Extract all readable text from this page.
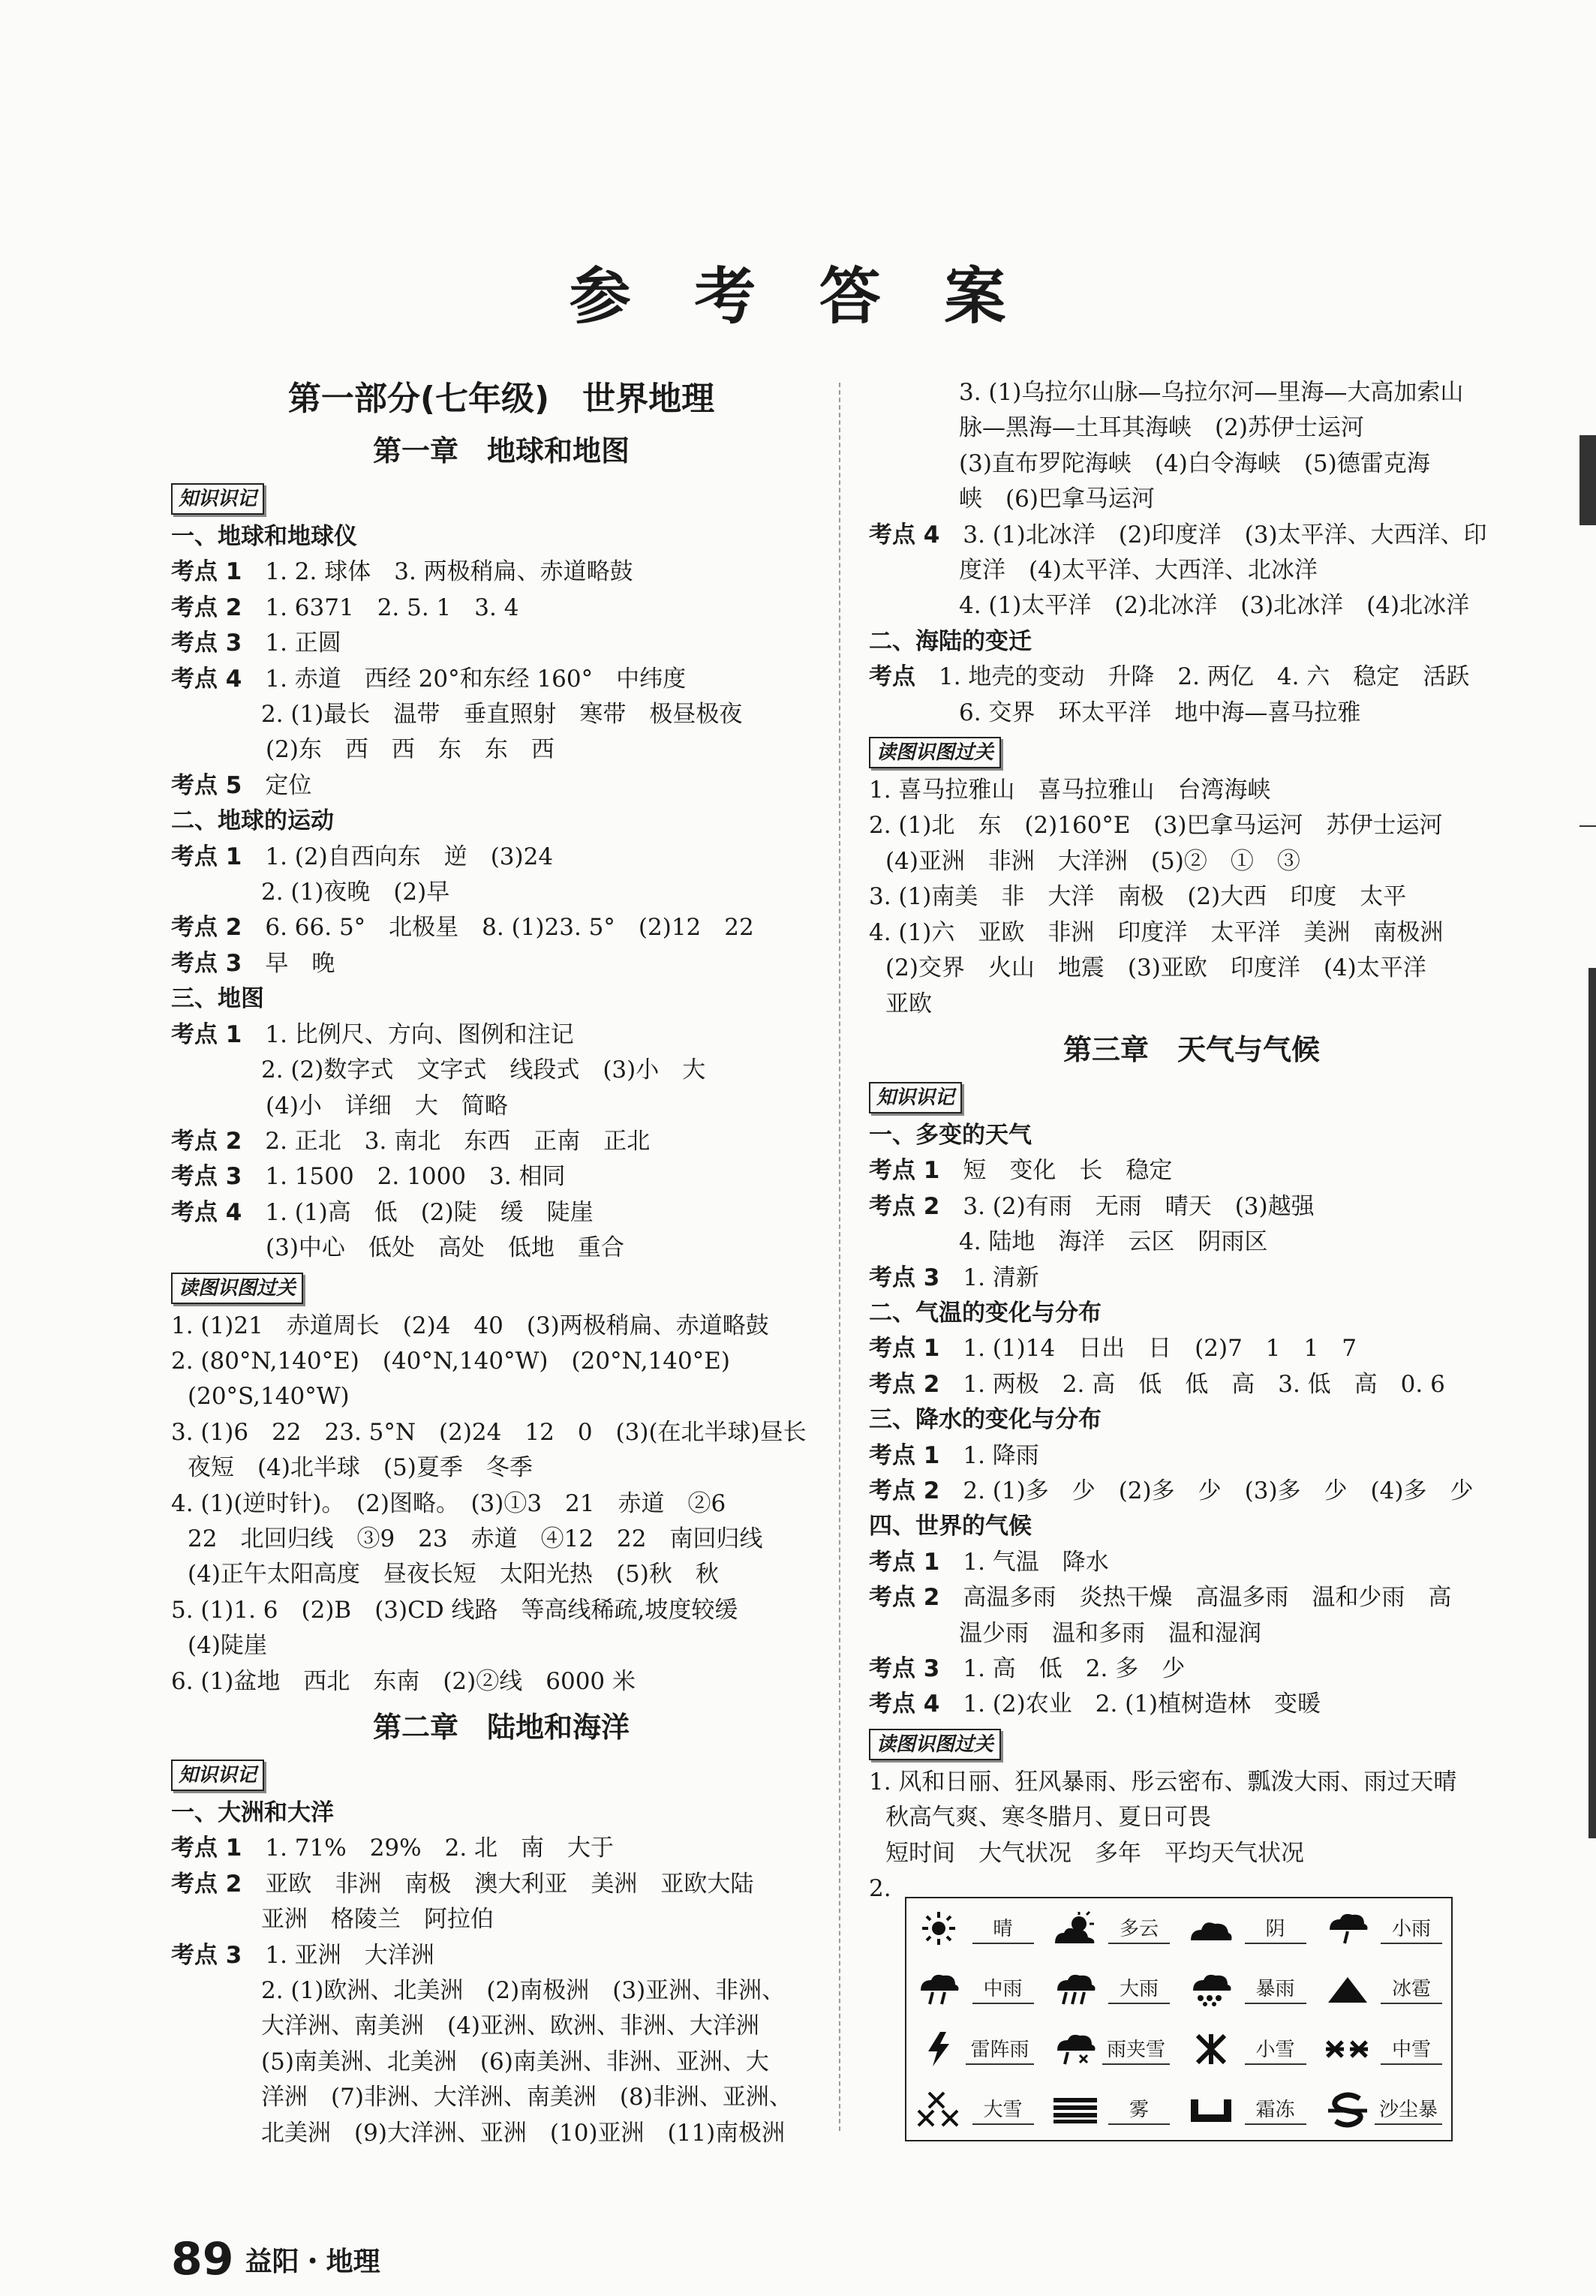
参 考 答 案
第一部分(七年级)　世界地理
第一章　地球和地图
知识识记
一、地球和地球仪
考点 1　 1. 2. 球体　3. 两极稍扁、赤道略鼓
考点 2　 1. 6371　2. 5. 1　3. 4
考点 3　 1. 正圆
考点 4　 1. 赤道　西经 20°和东经 160°　中纬度
2. (1)最长　温带　垂直照射　寒带　极昼极夜
(2)东　西　西　东　东　西
考点 5　 定位
二、地球的运动
考点 1　 1. (2)自西向东　逆　(3)24
2. (1)夜晚　(2)早
考点 2　 6. 66. 5°　北极星　8. (1)23. 5°　(2)12　22
考点 3　 早　晚
三、地图
考点 1　 1. 比例尺、方向、图例和注记
2. (2)数字式　文字式　线段式　(3)小　大
(4)小　详细　大　简略
考点 2　 2. 正北　3. 南北　东西　正南　正北
考点 3　 1. 1500　2. 1000　3. 相同
考点 4　 1. (1)高　低　(2)陡　缓　陡崖
(3)中心　低处　高处　低地　重合
读图识图过关
1. (1)21　赤道周长　(2)4　40　(3)两极稍扁、赤道略鼓
2. (80°N,140°E)　(40°N,140°W)　(20°N,140°E)
(20°S,140°W)
3. (1)6　22　23. 5°N　(2)24　12　0　(3)(在北半球)昼长
夜短　(4)北半球　(5)夏季　冬季
4. (1)(逆时针)。　(2)图略。　(3)①3　21　赤道　②6
22　北回归线　③9　23　赤道　④12　22　南回归线
(4)正午太阳高度　昼夜长短　太阳光热　(5)秋　秋
5. (1)1. 6　(2)B　(3)CD 线路　等高线稀疏,坡度较缓
(4)陡崖
6. (1)盆地　西北　东南　(2)②线　6000 米
第二章　陆地和海洋
知识识记
一、大洲和大洋
考点 1　 1. 71%　29%　2. 北　南　大于
考点 2　 亚欧　非洲　南极　澳大利亚　美洲　亚欧大陆
亚洲　格陵兰　阿拉伯
考点 3　 1. 亚洲　大洋洲
2. (1)欧洲、北美洲　(2)南极洲　(3)亚洲、非洲、
大洋洲、南美洲　(4)亚洲、欧洲、非洲、大洋洲
(5)南美洲、北美洲　(6)南美洲、非洲、亚洲、大
洋洲　(7)非洲、大洋洲、南美洲　(8)非洲、亚洲、
北美洲　(9)大洋洲、亚洲　(10)亚洲　(11)南极洲
3. (1)乌拉尔山脉—乌拉尔河—里海—大高加索山
脉—黑海—土耳其海峡　(2)苏伊士运河
(3)直布罗陀海峡　(4)白令海峡　(5)德雷克海
峡　(6)巴拿马运河
考点 4　 3. (1)北冰洋　(2)印度洋　(3)太平洋、大西洋、印
度洋　(4)太平洋、大西洋、北冰洋
4. (1)太平洋　(2)北冰洋　(3)北冰洋　(4)北冰洋
二、海陆的变迁
考点　 1. 地壳的变动　升降　2. 两亿　4. 六　稳定　活跃
6. 交界　环太平洋　地中海—喜马拉雅
读图识图过关
1. 喜马拉雅山　喜马拉雅山　台湾海峡
2. (1)北　东　(2)160°E　(3)巴拿马运河　苏伊士运河
(4)亚洲　非洲　大洋洲　(5)②　①　③
3. (1)南美　非　大洋　南极　(2)大西　印度　太平
4. (1)六　亚欧　非洲　印度洋　太平洋　美洲　南极洲
(2)交界　火山　地震　(3)亚欧　印度洋　(4)太平洋
亚欧
第三章　天气与气候
知识识记
一、多变的天气
考点 1　 短　变化　长　稳定
考点 2　 3. (2)有雨　无雨　晴天　(3)越强
4. 陆地　海洋　云区　阴雨区
考点 3　 1. 清新
二、气温的变化与分布
考点 1　 1. (1)14　日出　日　(2)7　1　1　7
考点 2　 1. 两极　2. 高　低　低　高　3. 低　高　0. 6
三、降水的变化与分布
考点 1　 1. 降雨
考点 2　 2. (1)多　少　(2)多　少　(3)多　少　(4)多　少
四、世界的气候
考点 1　 1. 气温　降水
考点 2　 高温多雨　炎热干燥　高温多雨　温和少雨　高
温少雨　温和多雨　温和湿润
考点 3　 1. 高　低　2. 多　少
考点 4　 1. (2)农业　2. (1)植树造林　变暖
读图识图过关
1. 风和日丽、狂风暴雨、彤云密布、瓢泼大雨、雨过天晴
秋高气爽、寒冬腊月、夏日可畏
短时间　大气状况　多年　平均天气状况
2.
晴	多云	阴	小雨
中雨	大雨	暴雨	冰雹
雷阵雨	雨夹雪	小雪	中雪
大雪	雾	霜冻	沙尘暴
89 益阳・地理
